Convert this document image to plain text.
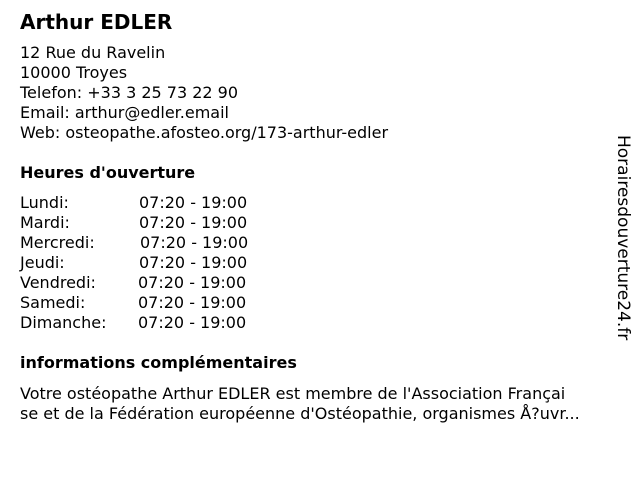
Arthur EDLER
12 Rue du Ravelin
10000 Troyes
Telefon: +33 3 25 73 22 90
Email: arthur@edler.email
Web: osteopathe.afosteo.org/173-arthur-edler
Heures d'ouverture
Lundi:	07:20 - 19:00
Mardi:	07:20 - 19:00
Mercredi:	07:20 - 19:00
Jeudi:	07:20 - 19:00
Vendredi:	07:20 - 19:00
Samedi:	07:20 - 19:00
Dimanche: 07:20 - 19:00
informations complémentaires
Votre ostéopathe Arthur EDLER est membre de l'Association Françai
se et de la Fédération européenne d'Ostéopathie, organismes Å?uvr...
Horairesdouverture24.fr
